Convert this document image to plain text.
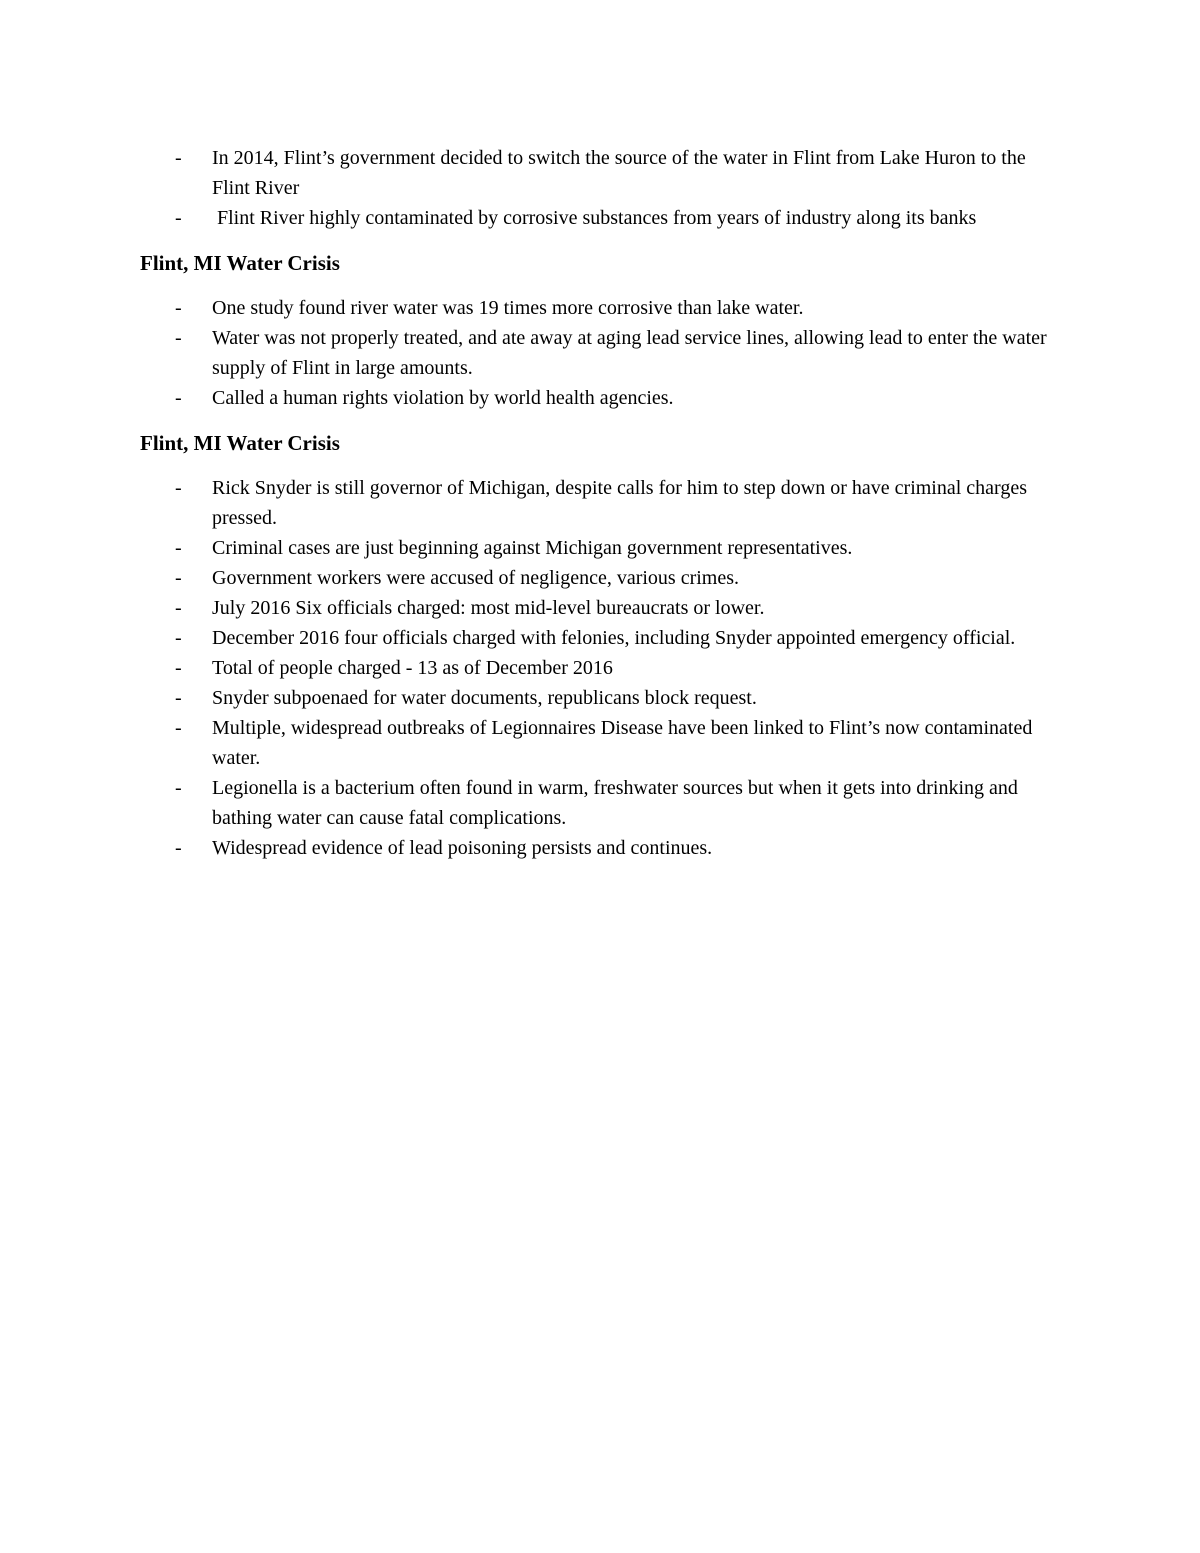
-	In 2014, Flint’s government decided to switch the source of the water in Flint from Lake Huron to the Flint River
-	Flint River highly contaminated by corrosive substances from years of industry along its banks
Flint, MI Water Crisis
-	One study found river water was 19 times more corrosive than lake water.
-	Water was not properly treated, and ate away at aging lead service lines, allowing lead to enter the water supply of Flint in large amounts.
-	Called a human rights violation by world health agencies.
Flint, MI Water Crisis
-	Rick Snyder is still governor of Michigan, despite calls for him to step down or have criminal charges pressed.
-	Criminal cases are just beginning against Michigan government representatives.
-	Government workers were accused of negligence, various crimes.
-	July 2016 Six officials charged: most mid-level bureaucrats or lower.
-	December 2016 four officials charged with felonies, including Snyder appointed emergency official.
-	Total of people charged - 13 as of December 2016
-	Snyder subpoenaed for water documents, republicans block request.
-	Multiple, widespread outbreaks of Legionnaires Disease have been linked to Flint’s now contaminated water.
-	Legionella is a bacterium often found in warm, freshwater sources but when it gets into drinking and bathing water can cause fatal complications.
-	Widespread evidence of lead poisoning persists and continues.
